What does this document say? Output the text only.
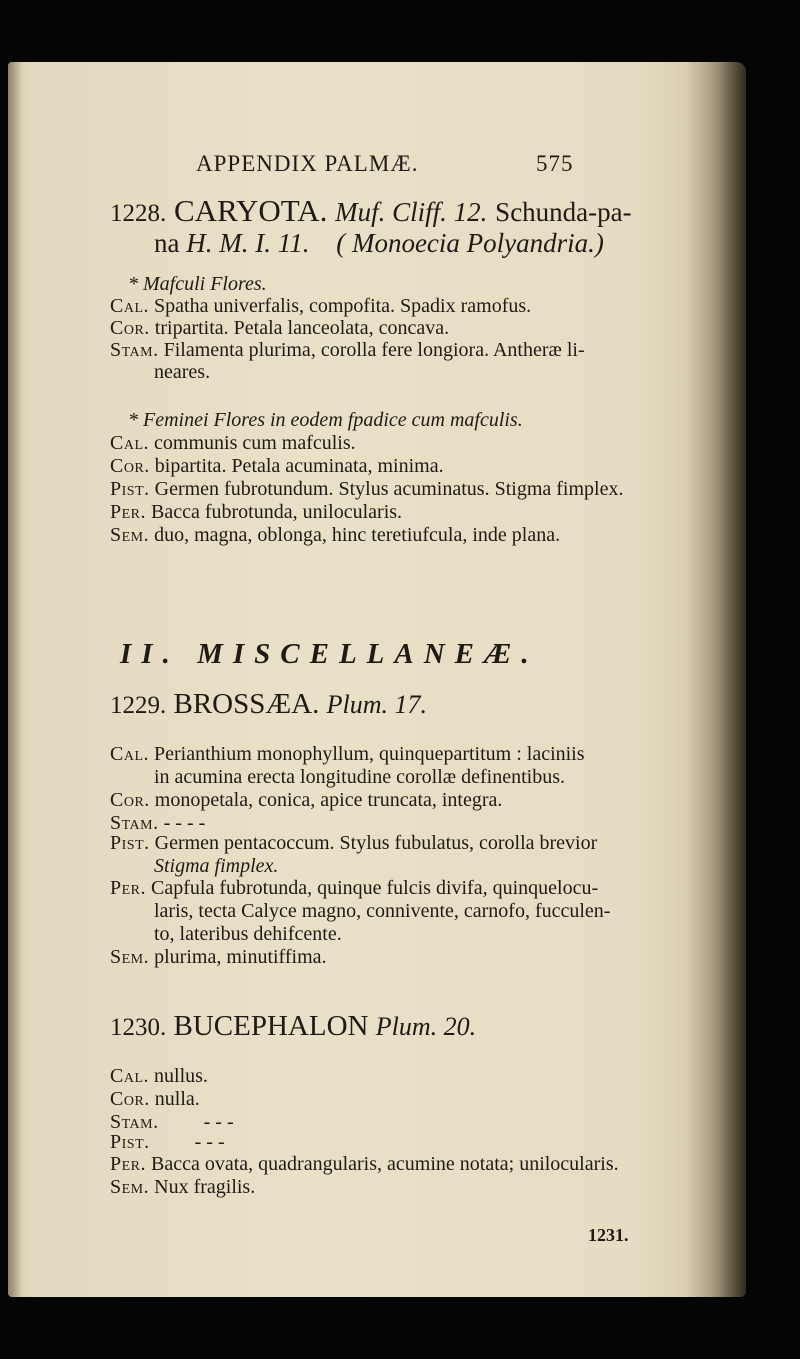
APPENDIX PALMÆ.	575
1228. CARYOTA. Muf. Cliff. 12. Schunda-pa-
na H. M. I. 11. ( Monoecia Polyandria.)
* Mafculi Flores.
Cal. Spatha univerfalis, compofita. Spadix ramofus.
Cor. tripartita. Petala lanceolata, concava.
Stam. Filamenta plurima, corolla fere longiora. Antheræ li-
neares.
* Feminei Flores in eodem fpadice cum mafculis.
Cal. communis cum mafculis.
Cor. bipartita. Petala acuminata, minima.
Pist. Germen fubrotundum. Stylus acuminatus. Stigma fimplex.
Per. Bacca fubrotunda, unilocularis.
Sem. duo, magna, oblonga, hinc teretiufcula, inde plana.
II. MISCELLANEÆ.
1229. BROSSÆA. Plum. 17.
Cal. Perianthium monophyllum, quinquepartitum : laciniis
in acumina erecta longitudine corollæ definentibus.
Cor. monopetala, conica, apice truncata, integra.
Stam. - - - -
Pist. Germen pentacoccum. Stylus fubulatus, corolla brevior
Stigma fimplex.
Per. Capfula fubrotunda, quinque fulcis divifa, quinquelocu-
laris, tecta Calyce magno, connivente, carnofo, fucculen-
to, lateribus dehifcente.
Sem. plurima, minutiffima.
1230. BUCEPHALON Plum. 20.
Cal. nullus.
Cor. nulla.
Stam. - - -
Pist. - - -
Per. Bacca ovata, quadrangularis, acumine notata; unilocularis.
Sem. Nux fragilis.
1231.
